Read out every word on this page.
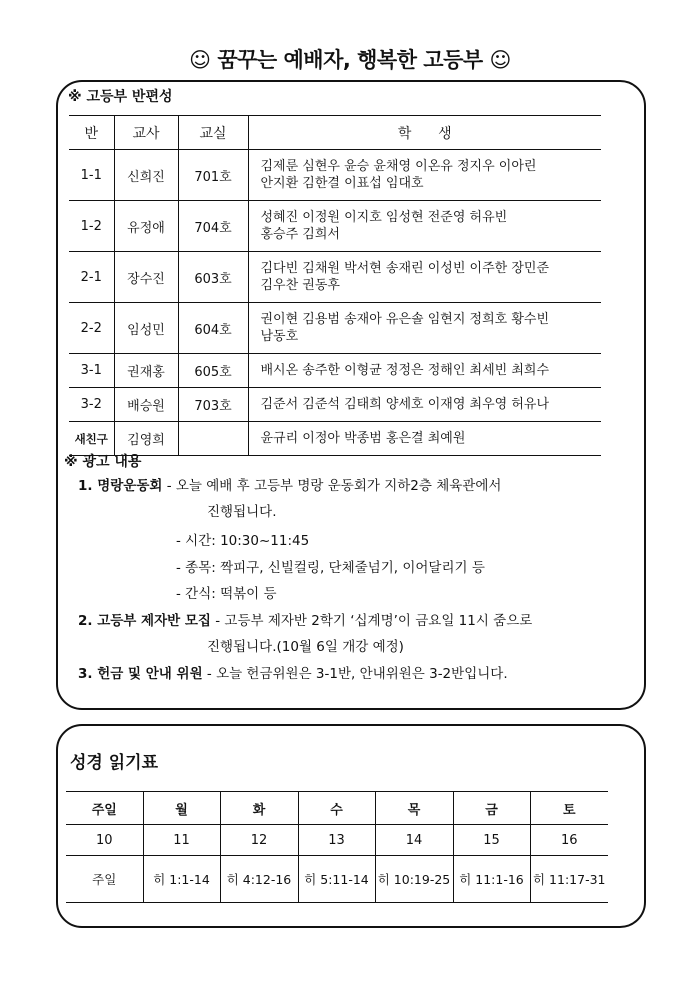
☺ 꿈꾸는 예배자, 행복한 고등부 ☺
※ 고등부 반편성
반	교사	교실	학      생
1-1	신희진	701호	김제룬 심현우 윤승 윤채영 이온유 정지우 이아린
안지환 김한결 이표섭 임대호
1-2	유정애	704호	성혜진 이정원 이지호 임성현 전준영 허유빈
홍승주 김희서
2-1	장수진	603호	김다빈 김채원 박서현 송재린 이성빈 이주한 장민준
김우찬 권동후
2-2	임성민	604호	권이현 김용범 송재아 유은솔 임현지 정희호 황수빈
남동호
3-1	권재홍	605호	배시온 송주한 이형균 정정은 정해인 최세빈 최희수
3-2	배승원	703호	김준서 김준석 김태희 양세호 이재영 최우영 허유나
새친구	김영희		윤규리 이정아 박종범 홍은결 최예원
※ 광고 내용
1. 명랑운동회 - 오늘 예배 후 고등부 명랑 운동회가 지하2층 체육관에서
진행됩니다.
- 시간: 10:30~11:45
- 종목: 짝피구, 신빌컬링, 단체줄넘기, 이어달리기 등
- 간식: 떡볶이 등
2. 고등부 제자반 모집 - 고등부 제자반 2학기 ‘십계명’이 금요일 11시 줌으로
진행됩니다.(10월 6일 개강 예정)
3. 헌금 및 안내 위원 - 오늘 헌금위원은 3-1반, 안내위원은 3-2반입니다.
성경 읽기표
주일	월	화	수	목	금	토
10	11	12	13	14	15	16
주일	히 1:1-14	히 4:12-16	히 5:11-14	히 10:19-25	히 11:1-16	히 11:17-31
